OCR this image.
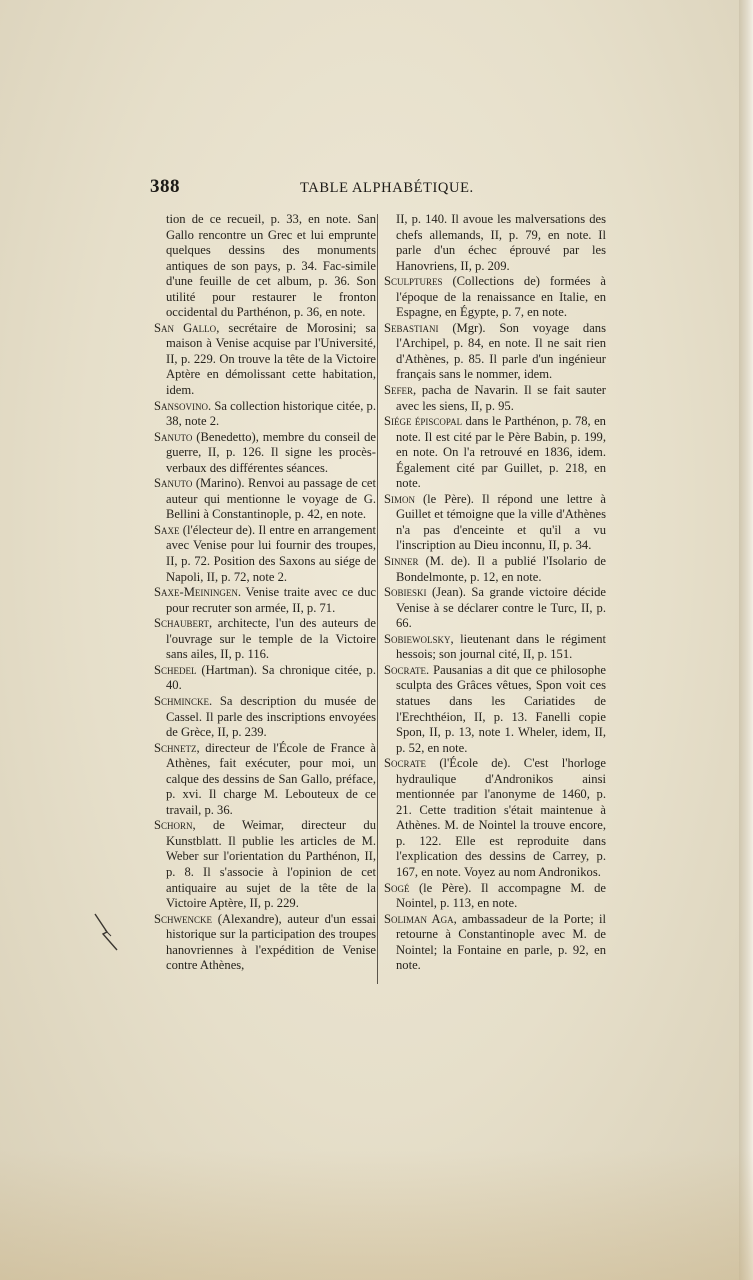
388	TABLE ALPHABÉTIQUE.

tion de ce recueil, p. 33, en note. San Gallo rencontre un Grec et lui emprunte quelques dessins des monuments antiques de son pays, p. 34. Fac-simile d'une feuille de cet album, p. 36. Son utilité pour restaurer le fronton occidental du Parthénon, p. 36, en note.

San Gallo, secrétaire de Morosini; sa maison à Venise acquise par l'Université, II, p. 229. On trouve la tête de la Victoire Aptère en démolissant cette habitation, idem.

Sansovino. Sa collection historique citée, p. 38, note 2.

Sanuto (Benedetto), membre du conseil de guerre, II, p. 126. Il signe les procès-verbaux des différentes séances.

Sanuto (Marino). Renvoi au passage de cet auteur qui mentionne le voyage de G. Bellini à Constantinople, p. 42, en note.

Saxe (l'électeur de). Il entre en arrangement avec Venise pour lui fournir des troupes, II, p. 72. Position des Saxons au siége de Napoli, II, p. 72, note 2.

Saxe-Meiningen. Venise traite avec ce duc pour recruter son armée, II, p. 71.

Schaubert, architecte, l'un des auteurs de l'ouvrage sur le temple de la Victoire sans ailes, II, p. 116.

Schedel (Hartman). Sa chronique citée, p. 40.

Schmincke. Sa description du musée de Cassel. Il parle des inscriptions envoyées de Grèce, II, p. 239.

Schnetz, directeur de l'École de France à Athènes, fait exécuter, pour moi, un calque des dessins de San Gallo, préface, p. xvi. Il charge M. Lebouteux de ce travail, p. 36.

Schorn, de Weimar, directeur du Kunstblatt. Il publie les articles de M. Weber sur l'orientation du Parthénon, II, p. 8. Il s'associe à l'opinion de cet antiquaire au sujet de la tête de la Victoire Aptère, II, p. 229.

Schwencke (Alexandre), auteur d'un essai historique sur la participation des troupes hanovriennes à l'expédition de Venise contre Athènes,

II, p. 140. Il avoue les malversations des chefs allemands, II, p. 79, en note. Il parle d'un échec éprouvé par les Hanovriens, II, p. 209.

Sculptures (Collections de) formées à l'époque de la renaissance en Italie, en Espagne, en Égypte, p. 7, en note.

Sebastiani (Mgr). Son voyage dans l'Archipel, p. 84, en note. Il ne sait rien d'Athènes, p. 85. Il parle d'un ingénieur français sans le nommer, idem.

Sefer, pacha de Navarin. Il se fait sauter avec les siens, II, p. 95.

Siége épiscopal dans le Parthénon, p. 78, en note. Il est cité par le Père Babin, p. 199, en note. On l'a retrouvé en 1836, idem. Également cité par Guillet, p. 218, en note.

Simon (le Père). Il répond une lettre à Guillet et témoigne que la ville d'Athènes n'a pas d'enceinte et qu'il a vu l'inscription au Dieu inconnu, II, p. 34.

Sinner (M. de). Il a publié l'Isolario de Bondelmonte, p. 12, en note.

Sobieski (Jean). Sa grande victoire décide Venise à se déclarer contre le Turc, II, p. 66.

Sobiewolsky, lieutenant dans le régiment hessois; son journal cité, II, p. 151.

Socrate. Pausanias a dit que ce philosophe sculpta des Grâces vêtues, Spon voit ces statues dans les Cariatides de l'Erechthéion, II, p. 13. Fanelli copie Spon, II, p. 13, note 1. Wheler, idem, II, p. 52, en note.

Socrate (l'École de). C'est l'horloge hydraulique d'Andronikos ainsi mentionnée par l'anonyme de 1460, p. 21. Cette tradition s'était maintenue à Athènes. M. de Nointel la trouve encore, p. 122. Elle est reproduite dans l'explication des dessins de Carrey, p. 167, en note. Voyez au nom Andronikos.

Sogé (le Père). Il accompagne M. de Nointel, p. 113, en note.

Soliman Aga, ambassadeur de la Porte; il retourne à Constantinople avec M. de Nointel; la Fontaine en parle, p. 92, en note.
